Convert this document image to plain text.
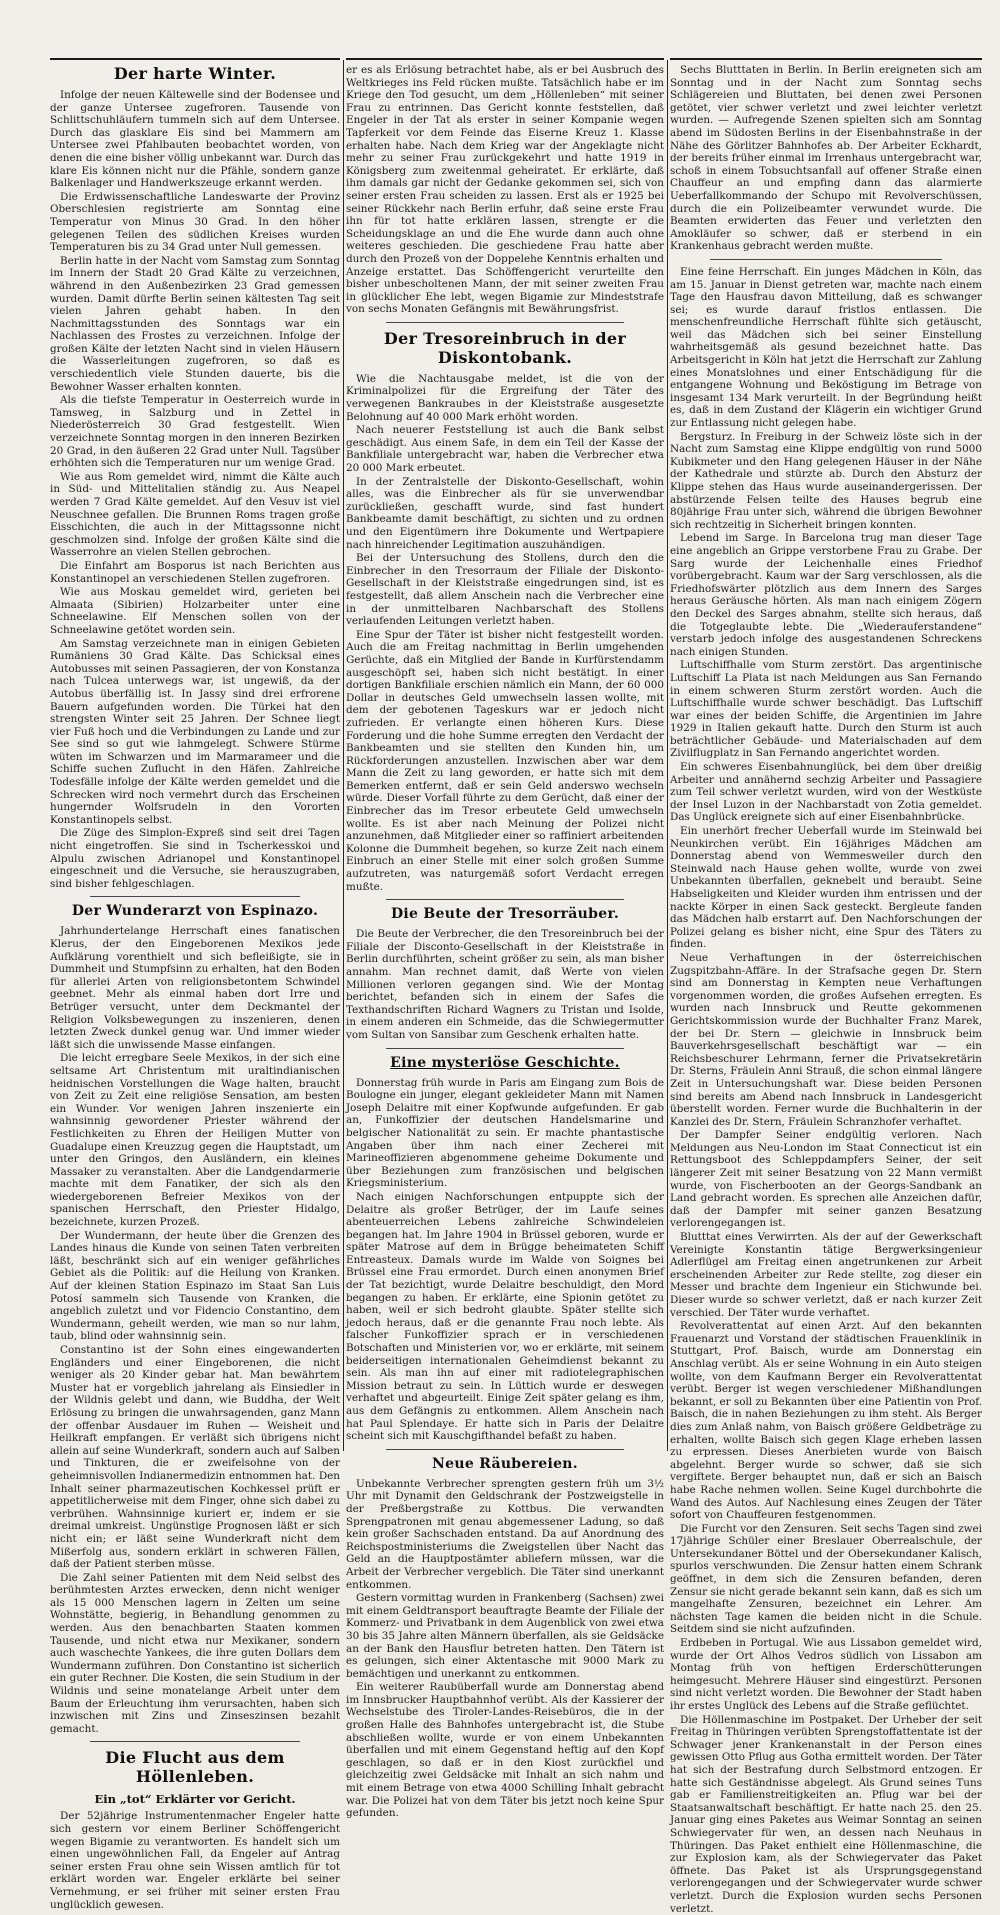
Der harte Winter.

Infolge der neuen Kältewelle sind der Bodensee und der ganze Untersee zugefroren. Tausende von Schlittschuhläufern tummeln sich auf dem Untersee. Durch das glasklare Eis sind bei Mammern am Untersee zwei Pfahlbauten beobachtet worden, von denen die eine bisher völlig unbekannt war. Durch das klare Eis können nicht nur die Pfähle, sondern ganze Balkenlager und Handwerkszeuge erkannt werden.

Die Erdwissenschaftliche Landeswarte der Provinz Oberschlesien registrierte am Sonntag eine Temperatur von Minus 30 Grad. In den höher gelegenen Teilen des südlichen Kreises wurden Temperaturen bis zu 34 Grad unter Null gemessen.

Berlin hatte in der Nacht vom Samstag zum Sonntag im Innern der Stadt 20 Grad Kälte zu verzeichnen, während in den Außenbezirken 23 Grad gemessen wurden. Damit dürfte Berlin seinen kältesten Tag seit vielen Jahren gehabt haben. In den Nachmittagsstunden des Sonntags war ein Nachlassen des Frostes zu verzeichnen. Infolge der großen Kälte der letzten Nacht sind in vielen Häusern die Wasserleitungen zugefroren, so daß es verschiedentlich viele Stunden dauerte, bis die Bewohner Wasser erhalten konnten.

Als die tiefste Temperatur in Oesterreich wurde in Tamsweg, in Salzburg und in Zettel in Niederösterreich 30 Grad festgestellt. Wien verzeichnete Sonntag morgen in den inneren Bezirken 20 Grad, in den äußeren 22 Grad unter Null. Tagsüber erhöhten sich die Temperaturen nur um wenige Grad.

Wie aus Rom gemeldet wird, nimmt die Kälte auch in Süd- und Mittelitalien ständig zu. Aus Neapel werden 7 Grad Kälte gemeldet. Auf den Vesuv ist viel Neuschnee gefallen. Die Brunnen Roms tragen große Eisschichten, die auch in der Mittagssonne nicht geschmolzen sind. Infolge der großen Kälte sind die Wasserrohre an vielen Stellen gebrochen.

Die Einfahrt am Bosporus ist nach Berichten aus Konstantinopel an verschiedenen Stellen zugefroren.

Wie aus Moskau gemeldet wird, gerieten bei Almaata (Sibirien) Holzarbeiter unter eine Schneelawine. Elf Menschen sollen von der Schneelawine getötet worden sein.

Am Samstag verzeichnete man in einigen Gebieten Rumäniens 30 Grad Kälte. Das Schicksal eines Autobusses mit seinen Passagieren, der von Konstanza nach Tulcea unterwegs war, ist ungewiß, da der Autobus überfällig ist. In Jassy sind drei erfrorene Bauern aufgefunden worden. Die Türkei hat den strengsten Winter seit 25 Jahren. Der Schnee liegt vier Fuß hoch und die Verbindungen zu Lande und zur See sind so gut wie lahmgelegt. Schwere Stürme wüten im Schwarzen und im Marmarameer und die Schiffe suchen Zuflucht in den Häfen. Zahlreiche Todesfälle infolge der Kälte werden gemeldet und die Schrecken wird noch vermehrt durch das Erscheinen hungernder Wolfsrudeln in den Vororten Konstantinopels selbst.

Die Züge des Simplon-Expreß sind seit drei Tagen nicht eingetroffen. Sie sind in Tscherkesskoi und Alpulu zwischen Adrianopel und Konstantinopel eingeschneit und die Versuche, sie herauszugraben, sind bisher fehlgeschlagen.

Der Wunderarzt von Espinazo.

Jahrhundertelange Herrschaft eines fanatischen Klerus, der den Eingeborenen Mexikos jede Aufklärung vorenthielt und sich befleißigte, sie in Dummheit und Stumpfsinn zu erhalten, hat den Boden für allerlei Arten von religionsbetontem Schwindel geebnet. Mehr als einmal haben dort Irre und Betrüger versucht, unter dem Deckmantel der Religion Volksbewegungen zu inszenieren, denen letzten Zweck dunkel genug war. Und immer wieder läßt sich die unwissende Masse einfangen.

Die leicht erregbare Seele Mexikos, in der sich eine seltsame Art Christentum mit uraltindianischen heidnischen Vorstellungen die Wage halten, braucht von Zeit zu Zeit eine religiöse Sensation, am besten ein Wunder. Vor wenigen Jahren inszenierte ein wahnsinnig gewordener Priester während der Festlichkeiten zu Ehren der Heiligen Mutter von Guadalupe einen Kreuzzug gegen die Hauptstadt, um unter den Gringos, den Ausländern, ein kleines Massaker zu veranstalten. Aber die Landgendarmerie machte mit dem Fanatiker, der sich als den wiedergeborenen Befreier Mexikos von der spanischen Herrschaft, den Priester Hidalgo, bezeichnete, kurzen Prozeß.

Der Wundermann, der heute über die Grenzen des Landes hinaus die Kunde von seinen Taten verbreiten läßt, beschränkt sich auf ein weniger gefährliches Gebiet als die Politik: auf die Heilung von Kranken. Auf der kleinen Station Espinazo im Staat San Luis Potosí sammeln sich Tausende von Kranken, die angeblich zuletzt und vor Fidencio Constantino, dem Wundermann, geheilt werden, wie man so nur lahm, taub, blind oder wahnsinnig sein.

Constantino ist der Sohn eines eingewanderten Engländers und einer Eingeborenen, die nicht weniger als 20 Kinder gebar hat. Man bewährtem Muster hat er vorgeblich jahrelang als Einsiedler in der Wildnis gelebt und dann, wie Buddha, der Welt Erlösung zu bringen die unwahrsagenden, ganz Mann der offenbar Ausdauer im Ruhen — Weisheit und Heilkraft empfangen. Er verläßt sich übrigens nicht allein auf seine Wunderkraft, sondern auch auf Salben und Tinkturen, die er zweifelsohne von der geheimnisvollen Indianermedizin entnommen hat. Den Inhalt seiner pharmazeutischen Kochkessel prüft er appetitlicherweise mit dem Finger, ohne sich dabei zu verbrühen. Wahnsinnige kuriert er, indem er sie dreimal umkreist. Ungünstige Prognosen läßt er sich nicht ein; er läßt seine Wunderkraft nicht dem Mißerfolg aus, sondern erklärt in schweren Fällen, daß der Patient sterben müsse.

Die Zahl seiner Patienten mit dem Neid selbst des berühmtesten Arztes erwecken, denn nicht weniger als 15 000 Menschen lagern in Zelten um seine Wohnstätte, begierig, in Behandlung genommen zu werden. Aus den benachbarten Staaten kommen Tausende, und nicht etwa nur Mexikaner, sondern auch waschechte Yankees, die ihre guten Dollars dem Wundermann zuführen. Don Constantino ist sicherlich ein guter Rechner. Die Kosten, die sein Studium in der Wildnis und seine monatelange Arbeit unter dem Baum der Erleuchtung ihm verursachten, haben sich inzwischen mit Zins und Zinseszinsen bezahlt gemacht.

Die Flucht aus dem Höllenleben.
Ein „tot“ Erklärter vor Gericht.

Der 52jährige Instrumentenmacher Engeler hatte sich gestern vor einem Berliner Schöffengericht wegen Bigamie zu verantworten. Es handelt sich um einen ungewöhnlichen Fall, da Engeler auf Antrag seiner ersten Frau ohne sein Wissen amtlich für tot erklärt worden war. Engeler erklärte bei seiner Vernehmung, er sei früher mit seiner ersten Frau unglücklich gewesen.

er es als Erlösung betrachtet habe, als er bei Ausbruch des Weltkrieges ins Feld rücken mußte. Tatsächlich habe er im Kriege den Tod gesucht, um dem „Höllenleben“ mit seiner Frau zu entrinnen. Das Gericht konnte feststellen, daß Engeler in der Tat als erster in seiner Kompanie wegen Tapferkeit vor dem Feinde das Eiserne Kreuz 1. Klasse erhalten habe. Nach dem Krieg war der Angeklagte nicht mehr zu seiner Frau zurückgekehrt und hatte 1919 in Königsberg zum zweitenmal geheiratet. Er erklärte, daß ihm damals gar nicht der Gedanke gekommen sei, sich von seiner ersten Frau scheiden zu lassen. Erst als er 1925 bei seiner Rückkehr nach Berlin erfuhr, daß seine erste Frau ihn für tot hatte erklären lassen, strengte er die Scheidungsklage an und die Ehe wurde dann auch ohne weiteres geschieden. Die geschiedene Frau hatte aber durch den Prozeß von der Doppelehe Kenntnis erhalten und Anzeige erstattet. Das Schöffengericht verurteilte den bisher unbescholtenen Mann, der mit seiner zweiten Frau in glücklicher Ehe lebt, wegen Bigamie zur Mindeststrafe von sechs Monaten Gefängnis mit Bewährungsfrist.

Der Tresoreinbruch in der Diskontobank.

Wie die Nachtausgabe meldet, ist die von der Kriminalpolizei für die Ergreifung der Täter des verwegenen Bankraubes in der Kleiststraße ausgesetzte Belohnung auf 40 000 Mark erhöht worden.

Nach neuerer Feststellung ist auch die Bank selbst geschädigt. Aus einem Safe, in dem ein Teil der Kasse der Bankfiliale untergebracht war, haben die Verbrecher etwa 20 000 Mark erbeutet.

In der Zentralstelle der Diskonto-Gesellschaft, wohin alles, was die Einbrecher als für sie unverwendbar zurückließen, geschafft wurde, sind fast hundert Bankbeamte damit beschäftigt, zu sichten und zu ordnen und den Eigentümern ihre Dokumente und Wertpapiere nach hinreichender Legitimation auszuhändigen.

Bei der Untersuchung des Stollens, durch den die Einbrecher in den Tresorraum der Filiale der Diskonto-Gesellschaft in der Kleiststraße eingedrungen sind, ist es festgestellt, daß allem Anschein nach die Verbrecher eine in der unmittelbaren Nachbarschaft des Stollens verlaufenden Leitungen verletzt haben.

Eine Spur der Täter ist bisher nicht festgestellt worden. Auch die am Freitag nachmittag in Berlin umgehenden Gerüchte, daß ein Mitglied der Bande in Kurfürstendamm ausgeschöpft sei, haben sich nicht bestätigt. In einer dortigen Bankfiliale erschien nämlich ein Mann, der 60 000 Dollar in deutsches Geld umwechseln lassen wollte, mit dem der gebotenen Tageskurs war er jedoch nicht zufrieden. Er verlangte einen höheren Kurs. Diese Forderung und die hohe Summe erregten den Verdacht der Bankbeamten und sie stellten den Kunden hin, um Rückforderungen anzustellen. Inzwischen aber war dem Mann die Zeit zu lang geworden, er hatte sich mit dem Bemerken entfernt, daß er sein Geld anderswo wechseln würde. Dieser Vorfall führte zu dem Gerücht, daß einer der Einbrecher das im Tresor erbeutete Geld umwechseln wollte. Es ist aber nach Meinung der Polizei nicht anzunehmen, daß Mitglieder einer so raffiniert arbeitenden Kolonne die Dummheit begehen, so kurze Zeit nach einem Einbruch an einer Stelle mit einer solch großen Summe aufzutreten, was naturgemäß sofort Verdacht erregen mußte.

Die Beute der Tresorräuber.

Die Beute der Verbrecher, die den Tresoreinbruch bei der Filiale der Disconto-Gesellschaft in der Kleiststraße in Berlin durchführten, scheint größer zu sein, als man bisher annahm. Man rechnet damit, daß Werte von vielen Millionen verloren gegangen sind. Wie der Montag berichtet, befanden sich in einem der Safes die Texthandschriften Richard Wagners zu Tristan und Isolde, in einem anderen ein Schmeide, das die Schwiegermutter vom Sultan von Sansibar zum Geschenk erhalten hatte.

Eine mysteriöse Geschichte.

Donnerstag früh wurde in Paris am Eingang zum Bois de Boulogne ein junger, elegant gekleideter Mann mit Namen Joseph Delaitre mit einer Kopfwunde aufgefunden. Er gab an, Funkoffizier der deutschen Handelsmarine und belgischer Nationalität zu sein. Er machte phantastische Angaben über ihm nach einer Zecherei mit Marineoffizieren abgenommene geheime Dokumente und über Beziehungen zum französischen und belgischen Kriegsministerium.

Nach einigen Nachforschungen entpuppte sich der Delaitre als großer Betrüger, der im Laufe seines abenteuerreichen Lebens zahlreiche Schwindeleien begangen hat. Im Jahre 1904 in Brüssel geboren, wurde er später Matrose auf dem in Brügge beheimateten Schiff Entreasteux. Damals wurde im Walde von Soignes bei Brüssel eine Frau ermordet. Durch einen anonymen Brief der Tat bezichtigt, wurde Delaitre beschuldigt, den Mord begangen zu haben. Er erklärte, eine Spionin getötet zu haben, weil er sich bedroht glaubte. Später stellte sich jedoch heraus, daß er die genannte Frau noch lebte. Als falscher Funkoffizier sprach er in verschiedenen Botschaften und Ministerien vor, wo er erklärte, mit seinem beiderseitigen internationalen Geheimdienst bekannt zu sein. Als man ihn auf einer mit radiotelegraphischen Mission betraut zu sein. In Lüttich wurde er deswegen verhaftet und abgeurteilt. Einige Zeit später gelang es ihm, aus dem Gefängnis zu entkommen. Allem Anschein nach hat Paul Splendaye. Er hatte sich in Paris der Delaitre scheint sich mit Kauschgifthandel befaßt zu haben.

Neue Räubereien.

Unbekannte Verbrecher sprengten gestern früh um 3½ Uhr mit Dynamit den Geldschrank der Postzweigstelle in der Preßbergstraße zu Kottbus. Die verwandten Sprengpatronen mit genau abgemessener Ladung, so daß kein großer Sachschaden entstand. Da auf Anordnung des Reichspostministeriums die Zweigstellen über Nacht das Geld an die Hauptpostämter abliefern müssen, war die Arbeit der Verbrecher vergeblich. Die Täter sind unerkannt entkommen.

Gestern vormittag wurden in Frankenberg (Sachsen) zwei mit einem Geldtransport beauftragte Beamte der Filiale der Kommerz- und Privatbank in dem Augenblick von zwei etwa 30 bis 35 Jahre alten Männern überfallen, als sie Geldsäcke an der Bank den Hausflur betreten hatten. Den Tätern ist es gelungen, sich einer Aktentasche mit 9000 Mark zu bemächtigen und unerkannt zu entkommen.

Ein weiterer Raubüberfall wurde am Donnerstag abend im Innsbrucker Hauptbahnhof verübt. Als der Kassierer der Wechselstube des Tiroler-Landes-Reisebüros, die in der großen Halle des Bahnhofes untergebracht ist, die Stube abschließen wollte, wurde er von einem Unbekannten überfallen und mit einem Gegenstand heftig auf den Kopf geschlagen, so daß er in den Kiost zurückfiel und gleichzeitig zwei Geldsäcke mit Inhalt an sich nahm und mit einem Betrage von etwa 4000 Schilling Inhalt gebracht war. Die Polizei hat von dem Täter bis jetzt noch keine Spur gefunden.

Sechs Blutttaten in Berlin. In Berlin ereigneten sich am Sonntag und in der Nacht zum Sonntag sechs Schlägereien und Bluttaten, bei denen zwei Personen getötet, vier schwer verletzt und zwei leichter verletzt wurden. — Aufregende Szenen spielten sich am Sonntag abend im Südosten Berlins in der Eisenbahnstraße in der Nähe des Görlitzer Bahnhofes ab. Der Arbeiter Eckhardt, der bereits früher einmal im Irrenhaus untergebracht war, schoß in einem Tobsuchtsanfall auf offener Straße einen Chauffeur an und empfing dann das alarmierte Ueberfallkommando der Schupo mit Revolverschüssen, durch die ein Polizeibeamter verwundet wurde. Die Beamten erwiderten das Feuer und verletzten den Amokläufer so schwer, daß er sterbend in ein Krankenhaus gebracht werden mußte.

Eine feine Herrschaft. Ein junges Mädchen in Köln, das am 15. Januar in Dienst getreten war, machte nach einem Tage den Hausfrau davon Mitteilung, daß es schwanger sei; es wurde darauf fristlos entlassen. Die menschenfreundliche Herrschaft fühlte sich getäuscht, weil das Mädchen sich bei seiner Einstellung wahrheitsgemäß als gesund bezeichnet hatte. Das Arbeitsgericht in Köln hat jetzt die Herrschaft zur Zahlung eines Monatslohnes und einer Entschädigung für die entgangene Wohnung und Beköstigung im Betrage von insgesamt 134 Mark verurteilt. In der Begründung heißt es, daß in dem Zustand der Klägerin ein wichtiger Grund zur Entlassung nicht gelegen habe.

Bergsturz. In Freiburg in der Schweiz löste sich in der Nacht zum Samstag eine Klippe endgültig von rund 5000 Kubikmeter und den Hang gelegenen Häuser in der Nähe der Kathedrale und stürzte ab. Durch den Absturz der Klippe stehen das Haus wurde auseinandergerissen. Der abstürzende Felsen teilte des Hauses begrub eine 80jährige Frau unter sich, während die übrigen Bewohner sich rechtzeitig in Sicherheit bringen konnten.

Lebend im Sarge. In Barcelona trug man dieser Tage eine angeblich an Grippe verstorbene Frau zu Grabe. Der Sarg wurde der Leichenhalle eines Friedhof vorübergebracht. Kaum war der Sarg verschlossen, als die Friedhofswärter plötzlich aus dem Innern des Sarges heraus Geräusche hörten. Als man nach einigem Zögern den Deckel des Sarges abnahm, stellte sich heraus, daß die Totgeglaubte lebte. Die „Wiederauferstandene“ verstarb jedoch infolge des ausgestandenen Schreckens nach einigen Stunden.

Luftschiffhalle vom Sturm zerstört. Das argentinische Luftschiff La Plata ist nach Meldungen aus San Fernando in einem schweren Sturm zerstört worden. Auch die Luftschiffhalle wurde schwer beschädigt. Das Luftschiff war eines der beiden Schiffe, die Argentinien im Jahre 1929 in Italien gekauft hatte. Durch den Sturm ist auch beträchtlicher Gebäude- und Materialschaden auf dem Zivilflugplatz in San Fernando angerichtet worden.

Ein schweres Eisenbahnunglück, bei dem über dreißig Arbeiter und annähernd sechzig Arbeiter und Passagiere zum Teil schwer verletzt wurden, wird von der Westküste der Insel Luzon in der Nachbarstadt von Zotia gemeldet. Das Unglück ereignete sich auf einer Eisenbahnbrücke.

Ein unerhört frecher Ueberfall wurde im Steinwald bei Neunkirchen verübt. Ein 16jähriges Mädchen am Donnerstag abend von Wemmesweiler durch den Steinwald nach Hause gehen wollte, wurde von zwei Unbekannten überfallen, geknebelt und beraubt. Seine Habseligkeiten und Kleider wurden ihm entrissen und der nackte Körper in einen Sack gesteckt. Bergleute fanden das Mädchen halb erstarrt auf. Den Nachforschungen der Polizei gelang es bisher nicht, eine Spur des Täters zu finden.

Neue Verhaftungen in der österreichischen Zugspitzbahn-Affäre. In der Strafsache gegen Dr. Stern sind am Donnerstag in Kempten neue Verhaftungen vorgenommen worden, die großes Aufsehen erregten. Es wurden nach Innsbruck und Reutte gekommenen Gerichtskommission wurde der Buchhalter Franz Marek, der bei Dr. Stern — gleichwie in Innsbruck beim Bauverkehrsgesellschaft beschäftigt war — ein Reichsbeschurer Lehrmann, ferner die Privatsekretärin Dr. Sterns, Fräulein Anni Strauß, die schon einmal längere Zeit in Untersuchungshaft war. Diese beiden Personen sind bereits am Abend nach Innsbruck in Landesgericht überstellt worden. Ferner wurde die Buchhalterin in der Kanzlei des Dr. Stern, Fräulein Schranzhofer verhaftet.

Der Dampfer Seiner endgültig verloren. Nach Meldungen aus Neu-London im Staat Connecticut ist ein Rettungsboot des Schleppdampfers Seiner, der seit längerer Zeit mit seiner Besatzung von 22 Mann vermißt wurde, von Fischerbooten an der Georgs-Sandbank an Land gebracht worden. Es sprechen alle Anzeichen dafür, daß der Dampfer mit seiner ganzen Besatzung verlorengegangen ist.

Blutttat eines Verwirrten. Als der auf der Gewerkschaft Vereinigte Konstantin tätige Bergwerksingenieur Adlerflügel am Freitag einen angetrunkenen zur Arbeit erscheinenden Arbeiter zur Rede stellte, zog dieser ein Messer und brachte dem Ingenieur ein Stichwunde bei. Dieser wurde so schwer verletzt, daß er nach kurzer Zeit verschied. Der Täter wurde verhaftet.

Revolverattentat auf einen Arzt. Auf den bekannten Frauenarzt und Vorstand der städtischen Frauenklinik in Stuttgart, Prof. Baisch, wurde am Donnerstag ein Anschlag verübt. Als er seine Wohnung in ein Auto steigen wollte, von dem Kaufmann Berger ein Revolverattentat verübt. Berger ist wegen verschiedener Mißhandlungen bekannt, er soll zu Bekannten über eine Patientin von Prof. Baisch, die in nahen Beziehungen zu ihm steht. Als Berger dies zum Anlaß nahm, von Baisch größere Geldbeträge zu erhalten, wollte Baisch sich gegen Klage erheben lassen zu erpressen. Dieses Anerbieten wurde von Baisch abgelehnt. Berger wurde so schwer, daß sie sich vergiftete. Berger behauptet nun, daß er sich an Baisch habe Rache nehmen wollen. Seine Kugel durchbohrte die Wand des Autos. Auf Nachlesung eines Zeugen der Täter sofort von Chauffeuren festgenommen.

Die Furcht vor den Zensuren. Seit sechs Tagen sind zwei 17jährige Schüler einer Breslauer Oberrealschule, der Untersekundaner Böttel und der Obersekundaner Kalisch, spurlos verschwunden. Die Zensur hatten einem Schrank geöffnet, in dem sich die Zensuren befanden, deren Zensur sie nicht gerade bekannt sein kann, daß es sich um mangelhafte Zensuren, bezeichnet ein Lehrer. Am nächsten Tage kamen die beiden nicht in die Schule. Seitdem sind sie nicht aufzufinden.

Erdbeben in Portugal. Wie aus Lissabon gemeldet wird, wurde der Ort Alhos Vedros südlich von Lissabon am Montag früh von heftigen Erderschütterungen heimgesucht. Mehrere Häuser sind eingestürzt. Personen sind nicht verletzt worden. Die Bewohner der Stadt haben ihr erstes Unglück des Lebens auf die Straße geflüchtet.

Die Höllenmaschine im Postpaket. Der Urheber der seit Freitag in Thüringen verübten Sprengstoffattentate ist der Schwager jener Krankenanstalt in der Person eines gewissen Otto Pflug aus Gotha ermittelt worden. Der Täter hat sich der Bestrafung durch Selbstmord entzogen. Er hatte sich Geständnisse abgelegt. Als Grund seines Tuns gab er Familienstreitigkeiten an. Pflug war bei der Staatsanwaltschaft beschäftigt. Er hatte nach 25. den 25. Januar ging eines Paketes aus Weimar Sonntag an seinen Schwiegervater für wen, an dessen nach Neuhaus in Thüringen. Das Paket enthielt eine Höllenmaschine, die zur Explosion kam, als der Schwiegervater das Paket öffnete. Das Paket ist als Ursprungsgegenstand verlorengegangen und der Schwiegervater wurde schwer verletzt. Durch die Explosion wurden sechs Personen verletzt.
